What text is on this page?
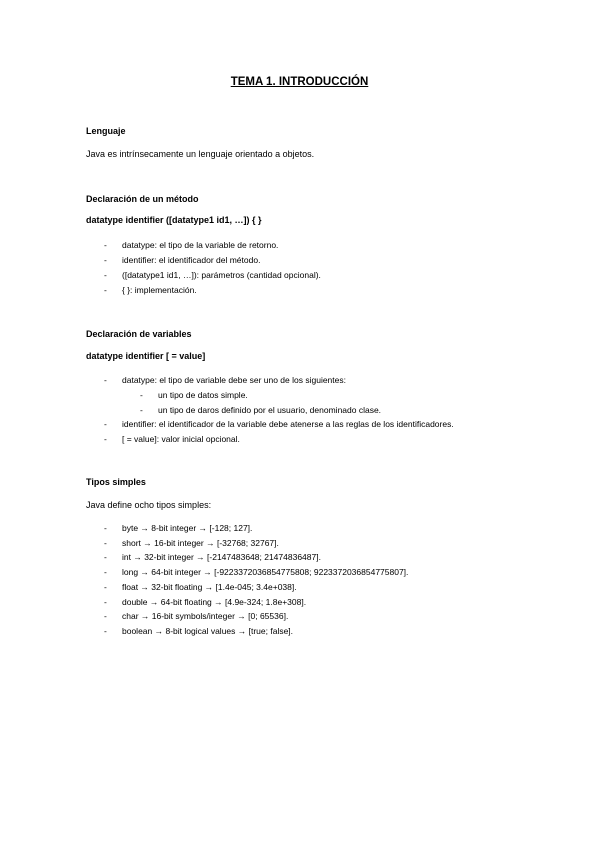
TEMA 1. INTRODUCCIÓN
Lenguaje
Java es intrínsecamente un lenguaje orientado a objetos.
Declaración de un método
datatype identifier ([datatype1 id1, …]) { }
- datatype: el tipo de la variable de retorno.
- identifier: el identificador del método.
- ([datatype1 id1, …]): parámetros (cantidad opcional).
- { }: implementación.
Declaración de variables
datatype identifier [ = value]
- datatype: el tipo de variable debe ser uno de los siguientes:
- un tipo de datos simple.
- un tipo de daros definido por el usuario, denominado clase.
- identifier: el identificador de la variable debe atenerse a las reglas de los identificadores.
- [ = value]: valor inicial opcional.
Tipos simples
Java define ocho tipos simples:
- byte → 8-bit integer → [-128; 127].
- short → 16-bit integer → [-32768; 32767].
- int → 32-bit integer → [-2147483648; 21474836487].
- long → 64-bit integer → [-9223372036854775808; 9223372036854775807].
- float → 32-bit floating → [1.4e-045; 3.4e+038].
- double → 64-bit floating → [4.9e-324; 1.8e+308].
- char → 16-bit symbols/integer → [0; 65536].
- boolean → 8-bit logical values → [true; false].
